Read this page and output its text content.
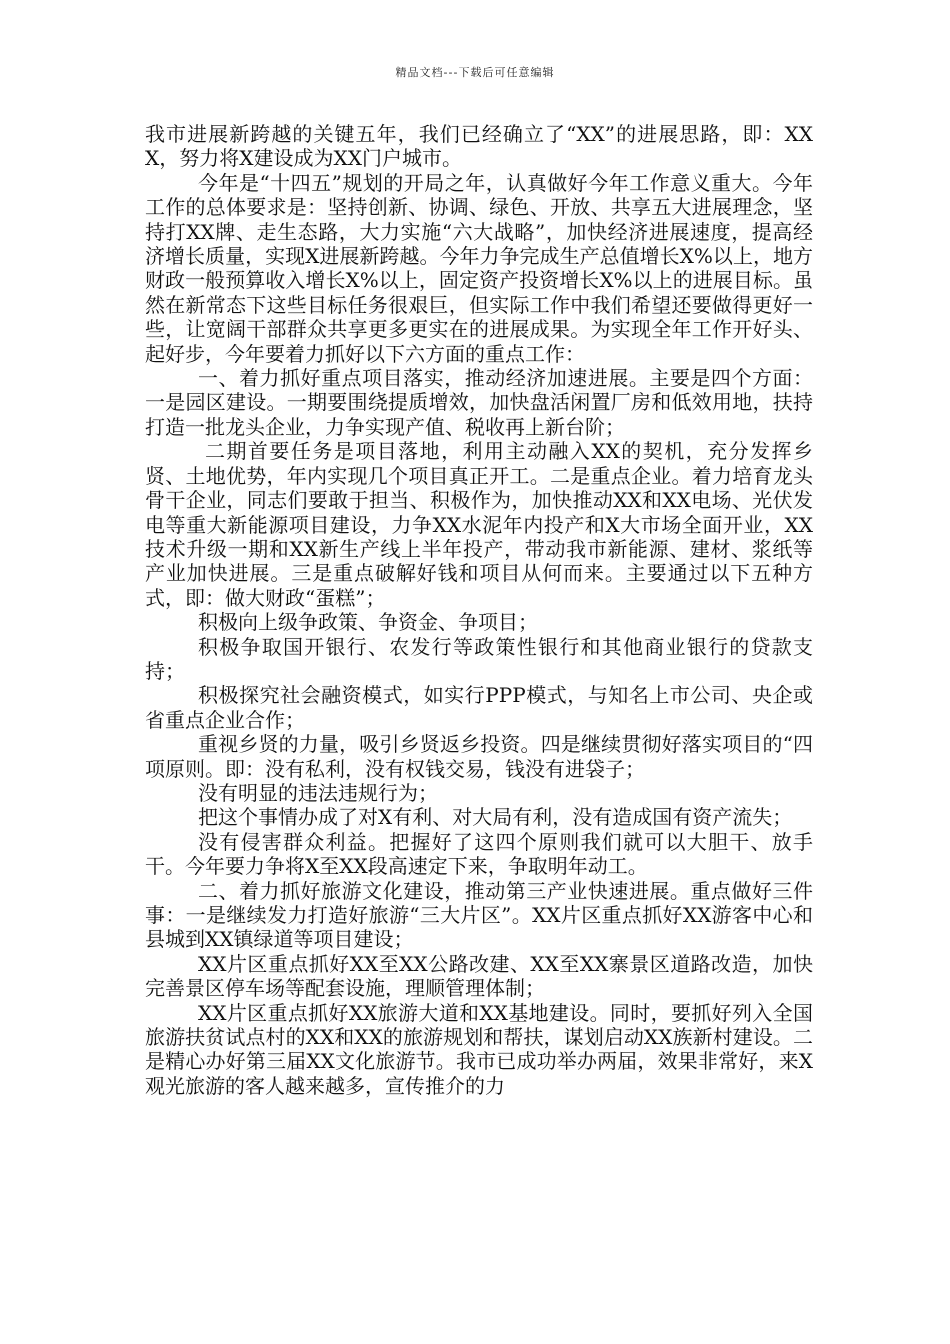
精品文档---下载后可任意编辑

我市进展新跨越的关键五年，我们已经确立了“XX”的进展思路，即：XXX，努力将X建设成为XX门户城市。

今年是“十四五”规划的开局之年，认真做好今年工作意义重大。今年工作的总体要求是：坚持创新、协调、绿色、开放、共享五大进展理念，坚持打XX牌、走生态路，大力实施“六大战略”，加快经济进展速度，提高经济增长质量，实现X进展新跨越。今年力争完成生产总值增长X%以上，地方财政一般预算收入增长X%以上，固定资产投资增长X%以上的进展目标。虽然在新常态下这些目标任务很艰巨，但实际工作中我们希望还要做得更好一些，让宽阔干部群众共享更多更实在的进展成果。为实现全年工作开好头、起好步，今年要着力抓好以下六方面的重点工作：

一、着力抓好重点项目落实，推动经济加速进展。主要是四个方面：一是园区建设。一期要围绕提质增效，加快盘活闲置厂房和低效用地，扶持打造一批龙头企业，力争实现产值、税收再上新台阶；

二期首要任务是项目落地，利用主动融入XX的契机，充分发挥乡贤、土地优势，年内实现几个项目真正开工。二是重点企业。着力培育龙头骨干企业，同志们要敢于担当、积极作为，加快推动XX和XX电场、光伏发电等重大新能源项目建设，力争XX水泥年内投产和X大市场全面开业，XX技术升级一期和XX新生产线上半年投产，带动我市新能源、建材、浆纸等产业加快进展。三是重点破解好钱和项目从何而来。主要通过以下五种方式，即：做大财政“蛋糕”；

积极向上级争政策、争资金、争项目；

积极争取国开银行、农发行等政策性银行和其他商业银行的贷款支持；

积极探究社会融资模式，如实行PPP模式，与知名上市公司、央企或省重点企业合作；

重视乡贤的力量，吸引乡贤返乡投资。四是继续贯彻好落实项目的“四项原则。即：没有私利，没有权钱交易，钱没有进袋子；

没有明显的违法违规行为；

把这个事情办成了对X有利、对大局有利，没有造成国有资产流失；

没有侵害群众利益。把握好了这四个原则我们就可以大胆干、放手干。今年要力争将X至XX段高速定下来，争取明年动工。

二、着力抓好旅游文化建设，推动第三产业快速进展。重点做好三件事：一是继续发力打造好旅游“三大片区”。XX片区重点抓好XX游客中心和县城到XX镇绿道等项目建设；

XX片区重点抓好XX至XX公路改建、XX至XX寨景区道路改造，加快完善景区停车场等配套设施，理顺管理体制；

XX片区重点抓好XX旅游大道和XX基地建设。同时，要抓好列入全国旅游扶贫试点村的XX和XX的旅游规划和帮扶，谋划启动XX族新村建设。二是精心办好第三届XX文化旅游节。我市已成功举办两届，效果非常好，来X观光旅游的客人越来越多，宣传推介的力
